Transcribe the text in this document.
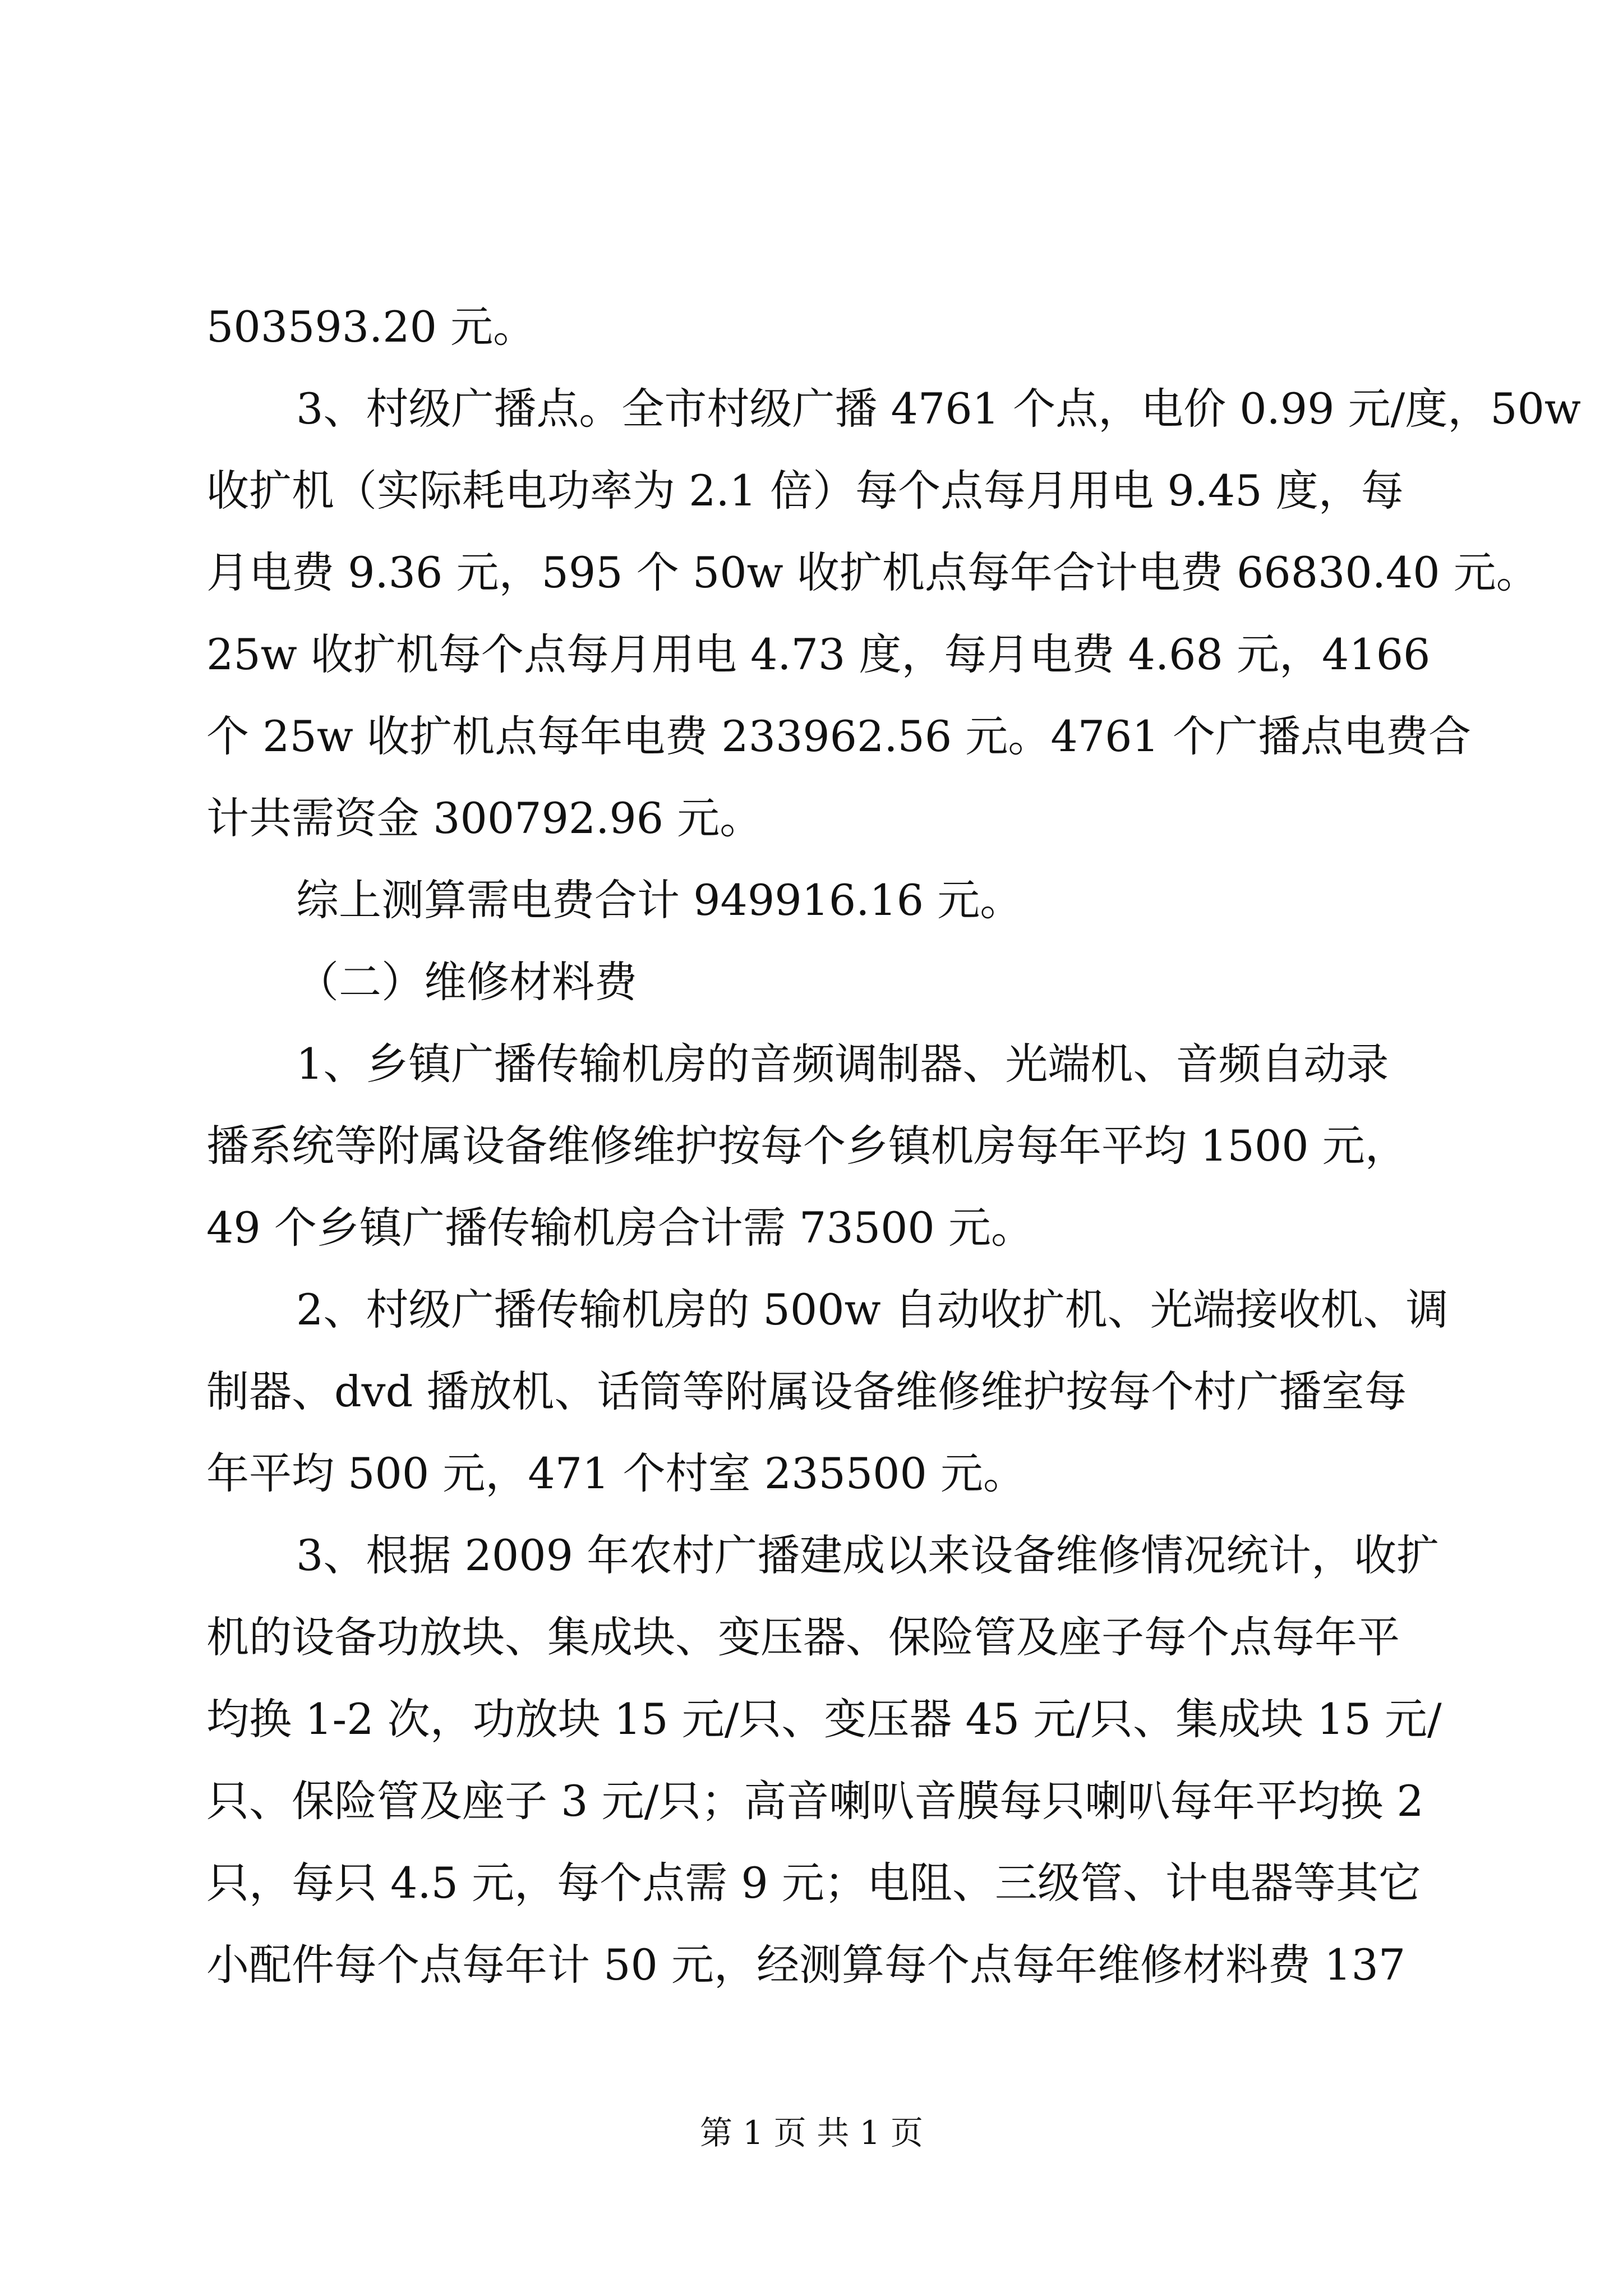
503593.20 元。
3、村级广播点。全市村级广播 4761 个点，电价 0.99 元/度，50w
收扩机（实际耗电功率为 2.1 倍）每个点每月用电 9.45 度，每
月电费 9.36 元，595 个 50w 收扩机点每年合计电费 66830.40 元。
25w 收扩机每个点每月用电 4.73 度，每月电费 4.68 元，4166
个 25w 收扩机点每年电费 233962.56 元。4761 个广播点电费合
计共需资金 300792.96 元。
综上测算需电费合计 949916.16 元。
（二）维修材料费
1、乡镇广播传输机房的音频调制器、光端机、音频自动录
播系统等附属设备维修维护按每个乡镇机房每年平均 1500 元，
49 个乡镇广播传输机房合计需 73500 元。
2、村级广播传输机房的 500w 自动收扩机、光端接收机、调
制器、dvd 播放机、话筒等附属设备维修维护按每个村广播室每
年平均 500 元，471 个村室 235500 元。
3、根据 2009 年农村广播建成以来设备维修情况统计，收扩
机的设备功放块、集成块、变压器、保险管及座子每个点每年平
均换 1-2 次，功放块 15 元/只、变压器 45 元/只、集成块 15 元/
只、保险管及座子 3 元/只；高音喇叭音膜每只喇叭每年平均换 2
只，每只 4.5 元，每个点需 9 元；电阻、三级管、计电器等其它
小配件每个点每年计 50 元，经测算每个点每年维修材料费 137
第 1 页 共 1 页
